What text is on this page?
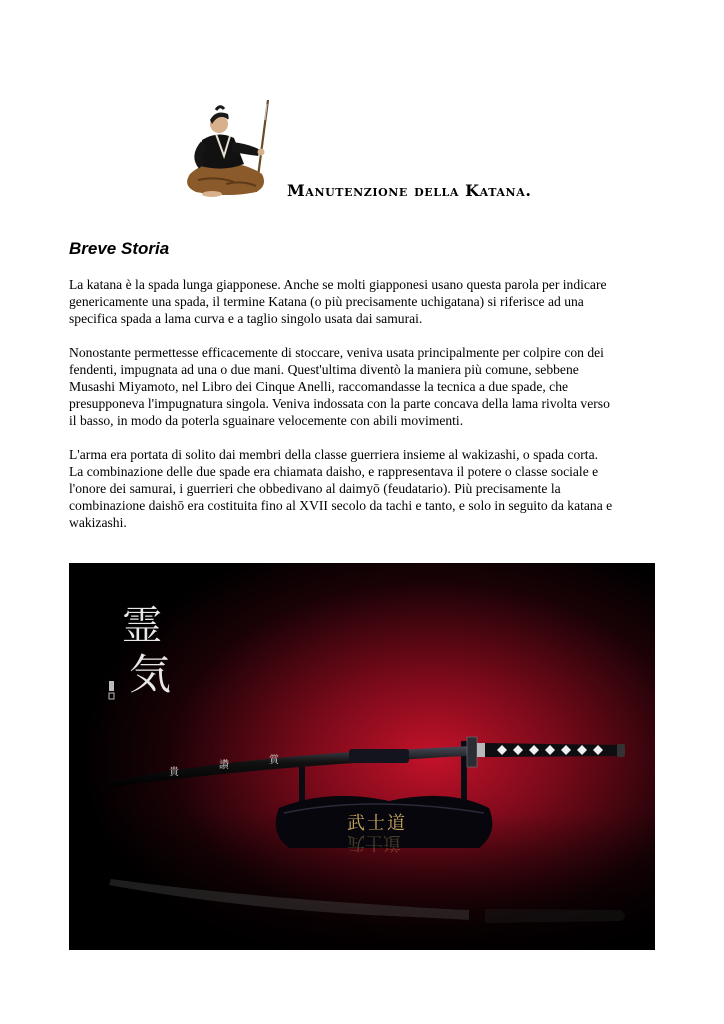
Manutenzione della Katana.
Breve Storia

La katana è la spada lunga giapponese. Anche se molti giapponesi usano questa parola per indicare
genericamente una spada, il termine Katana (o più precisamente uchigatana) si riferisce ad una
specifica spada a lama curva e a taglio singolo usata dai samurai.

Nonostante permettesse efficacemente di stoccare, veniva usata principalmente per colpire con dei
fendenti, impugnata ad una o due mani. Quest'ultima diventò la maniera più comune, sebbene
Musashi Miyamoto, nel Libro dei Cinque Anelli, raccomandasse la tecnica a due spade, che
presupponeva l'impugnatura singola. Veniva indossata con la parte concava della lama rivolta verso
il basso, in modo da poterla sguainare velocemente con abili movimenti.

L'arma era portata di solito dai membri della classe guerriera insieme al wakizashi, o spada corta.
La combinazione delle due spade era chiamata daisho, e rappresentava il potere o classe sociale e
l'onore dei samurai, i guerrieri che obbedivano al daimyō (feudatario). Più precisamente la
combinazione daishō era costituita fino al XVII secolo da tachi e tanto, e solo in seguito da katana e
wakizashi.

霊
気
武士道
貴
讚	賞
武士道
